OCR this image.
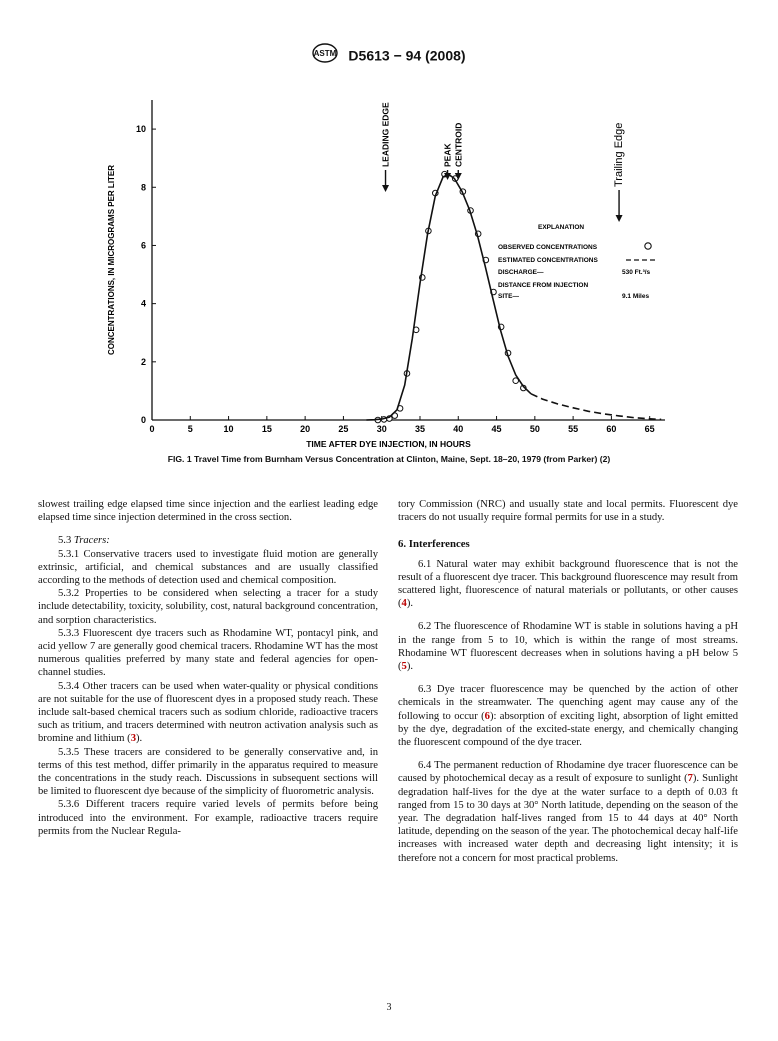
ASTM D5613 − 94 (2008)
0	5	10	15	20	25	30	35	40	45	50	55	60	65
0
2
4
6
8
10
TIME AFTER DYE INJECTION, IN HOURS
CONCENTRATIONS, IN MICROGRAMS PER LITER
LEADING EDGE	PEAK CENTROID	Trailing Edge
EXPLANATION
OBSERVED CONCENTRATIONS
ESTIMATED CONCENTRATIONS
DISCHARGE—	530 Ft.³/s
DISTANCE FROM INJECTION
SITE—	9.1 Miles
FIG. 1 Travel Time from Burnham Versus Concentration at Clinton, Maine, Sept. 18–20, 1979 (from Parker) (2)

slowest trailing edge elapsed time since injection and the earliest leading edge elapsed time since injection determined in the cross section.

5.3 Tracers:

5.3.1 Conservative tracers used to investigate fluid motion are generally extrinsic, artificial, and chemical substances and are usually classified according to the methods of detection used and chemical composition.

5.3.2 Properties to be considered when selecting a tracer for a study include detectability, toxicity, solubility, cost, natural background concentration, and sorption characteristics.

5.3.3 Fluorescent dye tracers such as Rhodamine WT, pontacyl pink, and acid yellow 7 are generally good chemical tracers. Rhodamine WT has the most numerous qualities preferred by many state and federal agencies for open-channel studies.

5.3.4 Other tracers can be used when water-quality or physical conditions are not suitable for the use of fluorescent dyes in a proposed study reach. These include salt-based chemical tracers such as sodium chloride, radioactive tracers such as tritium, and tracers determined with neutron activation analysis such as bromine and lithium (3).

5.3.5 These tracers are considered to be generally conservative and, in terms of this test method, differ primarily in the apparatus required to measure the concentrations in the study reach. Discussions in subsequent sections will be limited to fluorescent dye because of the simplicity of fluorometric analysis.

5.3.6 Different tracers require varied levels of permits before being introduced into the environment. For example, radioactive tracers require permits from the Nuclear Regula-

tory Commission (NRC) and usually state and local permits. Fluorescent dye tracers do not usually require formal permits for use in a study.

6. Interferences

6.1 Natural water may exhibit background fluorescence that is not the result of a fluorescent dye tracer. This background fluorescence may result from scattered light, fluorescence of natural materials or pollutants, or other causes (4).

6.2 The fluorescence of Rhodamine WT is stable in solutions having a pH in the range from 5 to 10, which is within the range of most streams. Rhodamine WT fluorescent decreases when in solutions having a pH below 5 (5).

6.3 Dye tracer fluorescence may be quenched by the action of other chemicals in the streamwater. The quenching agent may cause any of the following to occur (6): absorption of exciting light, absorption of light emitted by the dye, degradation of the excited-state energy, and chemically changing the fluorescent compound of the dye tracer.

6.4 The permanent reduction of Rhodamine dye tracer fluorescence can be caused by photochemical decay as a result of exposure to sunlight (7). Sunlight degradation half-lives for the dye at the water surface to a depth of 0.03 ft ranged from 15 to 30 days at 30° North latitude, depending on the season of the year. The degradation half-lives ranged from 15 to 44 days at 40° North latitude, depending on the season of the year. The photochemical decay half-life increases with increased water depth and decreasing light intensity; it is therefore not a concern for most practical problems.

3
